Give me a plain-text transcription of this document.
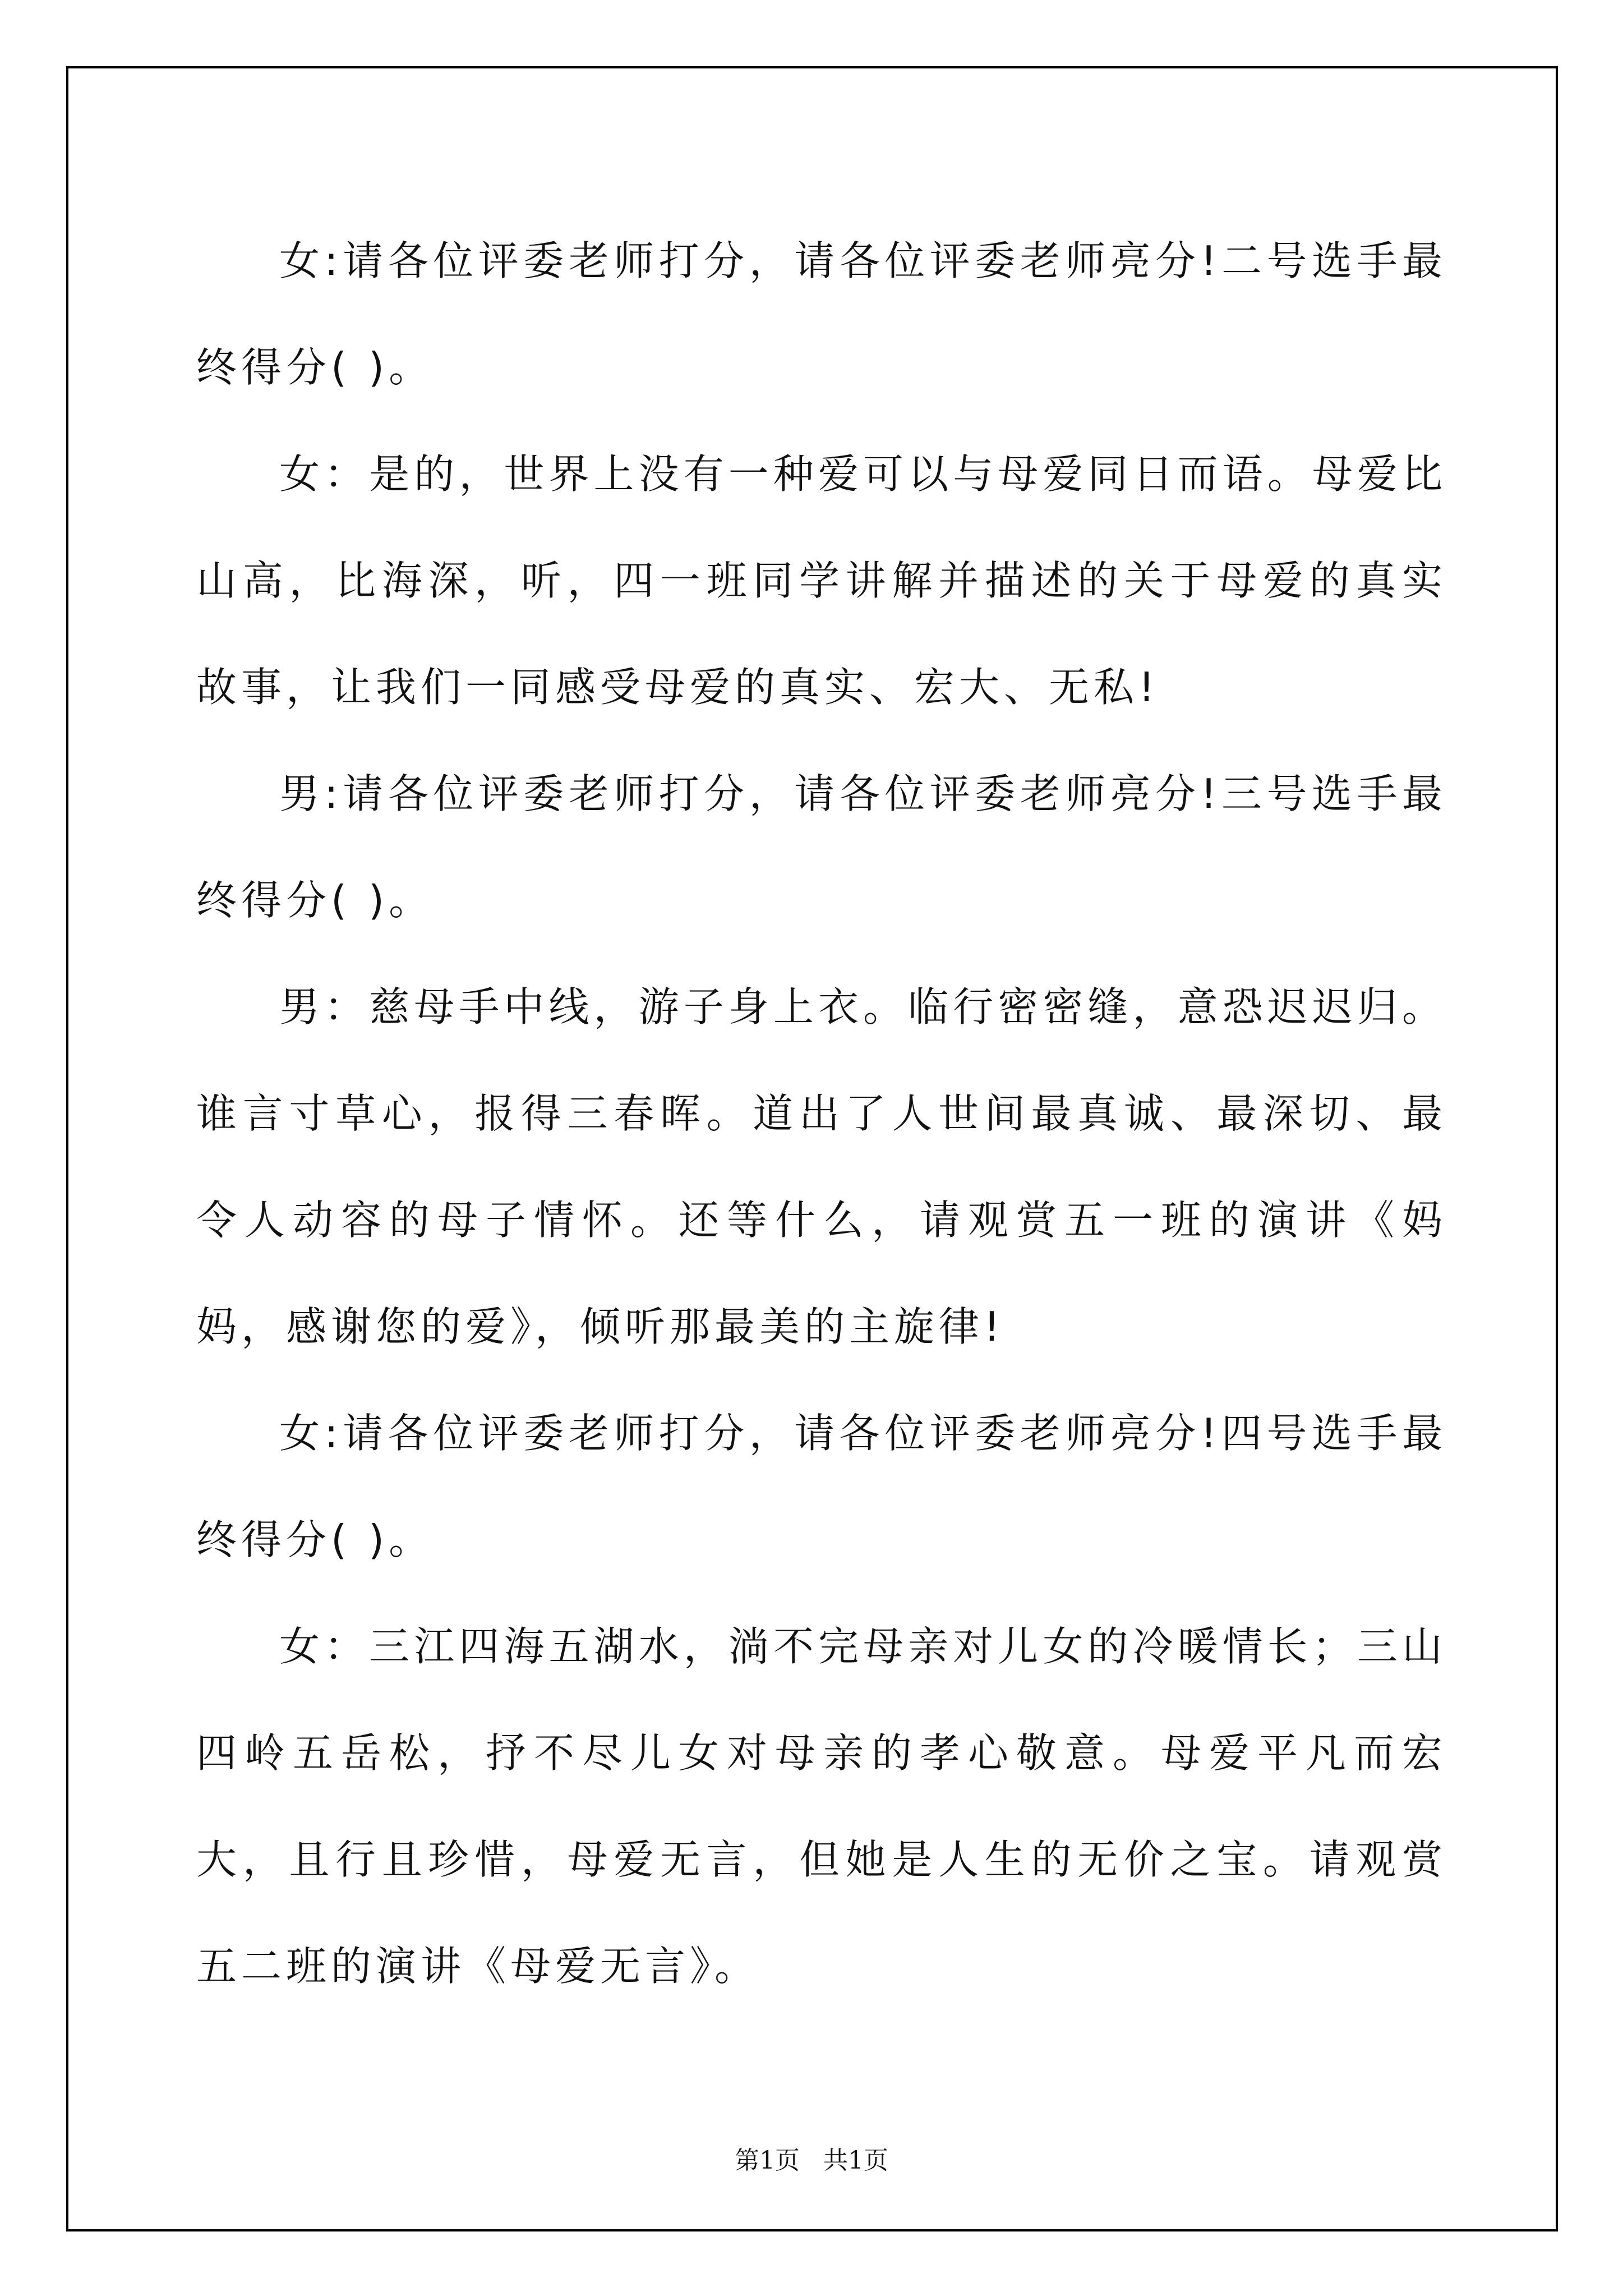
女:请各位评委老师打分，请各位评委老师亮分!二号选手最终得分( )。

女：是的，世界上没有一种爱可以与母爱同日而语。母爱比山高，比海深，听，四一班同学讲解并描述的关于母爱的真实故事，让我们一同感受母爱的真实、宏大、无私!

男:请各位评委老师打分，请各位评委老师亮分!三号选手最终得分( )。

男：慈母手中线，游子身上衣。临行密密缝，意恐迟迟归。谁言寸草心，报得三春晖。道出了人世间最真诚、最深切、最令人动容的母子情怀。还等什么，请观赏五一班的演讲《妈妈，感谢您的爱》，倾听那最美的主旋律!

女:请各位评委老师打分，请各位评委老师亮分!四号选手最终得分( )。

女：三江四海五湖水，淌不完母亲对儿女的冷暖情长；三山四岭五岳松，抒不尽儿女对母亲的孝心敬意。母爱平凡而宏大，且行且珍惜，母爱无言，但她是人生的无价之宝。请观赏五二班的演讲《母爱无言》。

第1页 共1页
